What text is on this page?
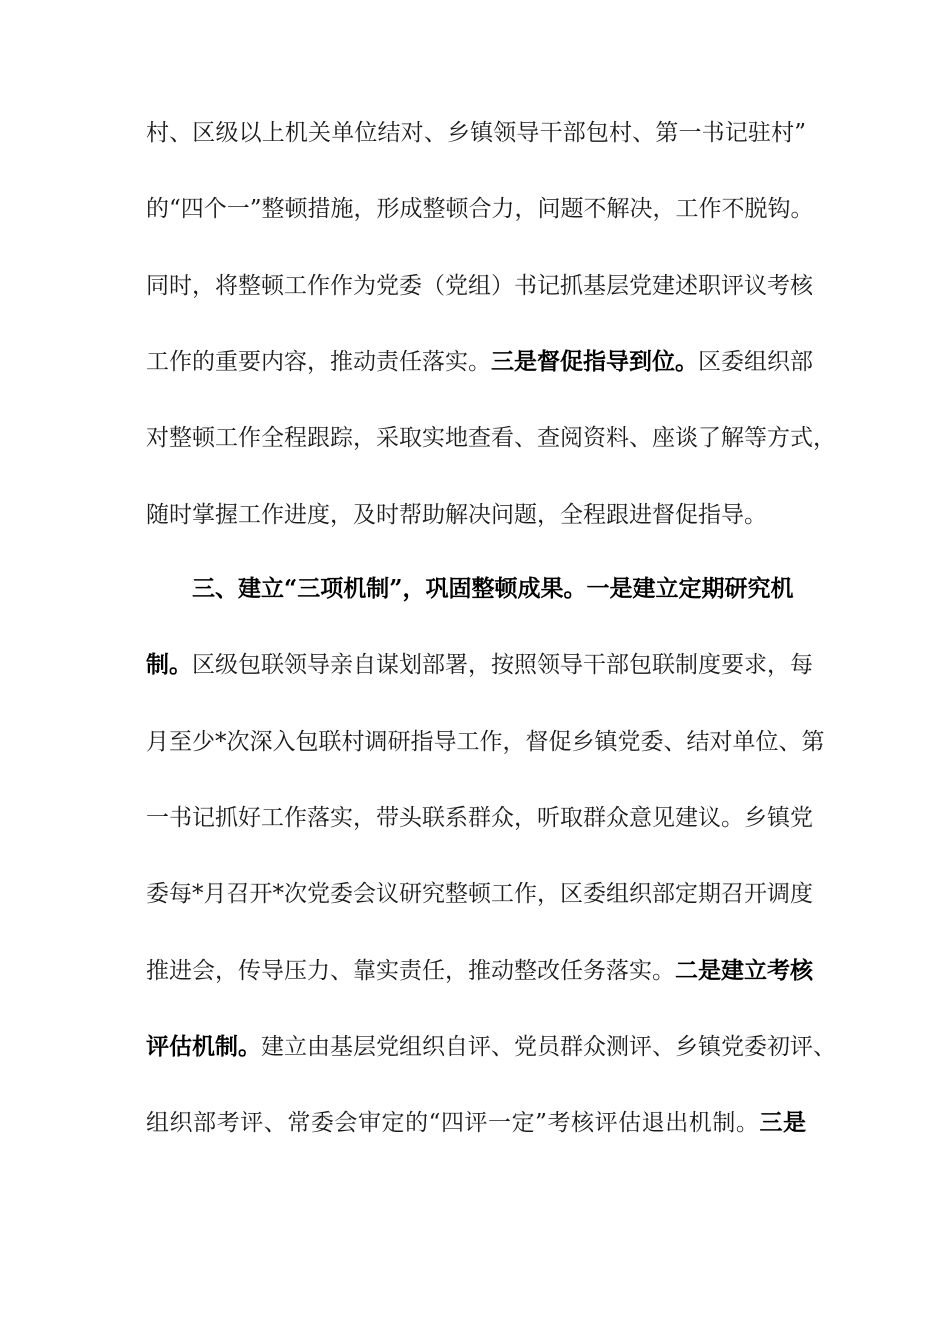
村、区级以上机关单位结对、乡镇领导干部包村、第一书记驻村”
的“四个一”整顿措施，形成整顿合力，问题不解决，工作不脱钩。
同时，将整顿工作作为党委（党组）书记抓基层党建述职评议考核
工作的重要内容，推动责任落实。三是督促指导到位。区委组织部
对整顿工作全程跟踪，采取实地查看、查阅资料、座谈了解等方式，
随时掌握工作进度，及时帮助解决问题，全程跟进督促指导。
三、建立“三项机制”，巩固整顿成果。一是建立定期研究机
制。区级包联领导亲自谋划部署，按照领导干部包联制度要求，每
月至少*次深入包联村调研指导工作，督促乡镇党委、结对单位、第
一书记抓好工作落实，带头联系群众，听取群众意见建议。乡镇党
委每*月召开*次党委会议研究整顿工作，区委组织部定期召开调度
推进会，传导压力、靠实责任，推动整改任务落实。二是建立考核
评估机制。建立由基层党组织自评、党员群众测评、乡镇党委初评、
组织部考评、常委会审定的“四评一定”考核评估退出机制。三是
